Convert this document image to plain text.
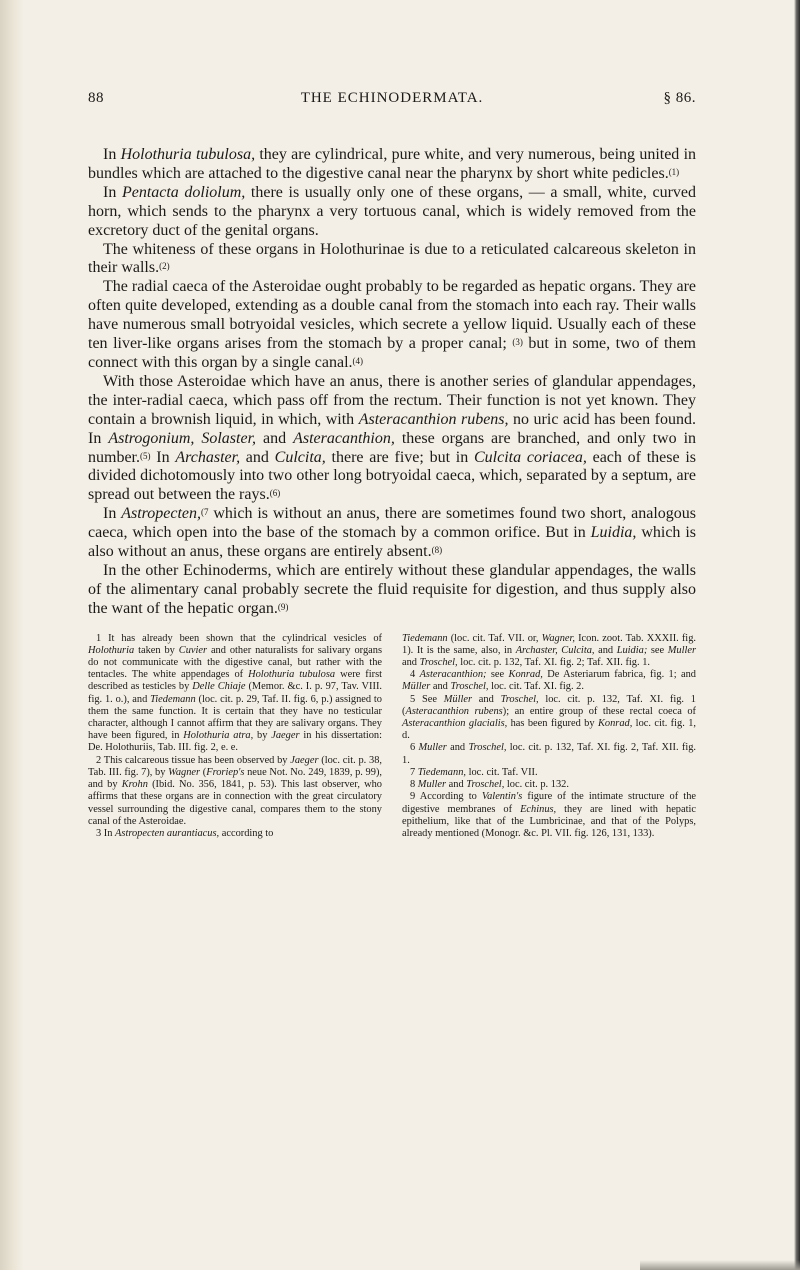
88	THE ECHINODERMATA.	§ 86.

In Holothuria tubulosa, they are cylindrical, pure white, and very numerous, being united in bundles which are attached to the digestive canal near the pharynx by short white pedicles.$^{(1)}$

In Pentacta doliolum, there is usually only one of these organs, — a small, white, curved horn, which sends to the pharynx a very tortuous canal, which is widely removed from the excretory duct of the genital organs.

The whiteness of these organs in Holothurinae is due to a reticulated calcareous skeleton in their walls.$^{(2)}$

The radial caeca of the Asteroidae ought probably to be regarded as hepatic organs. They are often quite developed, extending as a double canal from the stomach into each ray. Their walls have numerous small botryoidal vesicles, which secrete a yellow liquid. Usually each of these ten liver-like organs arises from the stomach by a proper canal; $^{(3)}$ but in some, two of them connect with this organ by a single canal.$^{(4)}$

With those Asteroidae which have an anus, there is another series of glandular appendages, the inter-radial caeca, which pass off from the rectum. Their function is not yet known. They contain a brownish liquid, in which, with Asteracanthion rubens, no uric acid has been found. In Astrogonium, Solaster, and Asteracanthion, these organs are branched, and only two in number.$^{(5)}$ In Archaster, and Culcita, there are five; but in Culcita coriacea, each of these is divided dichotomously into two other long botryoidal caeca, which, separated by a septum, are spread out between the rays.$^{(6)}$

In Astropecten,$^{(7}$ which is without an anus, there are sometimes found two short, analogous caeca, which open into the base of the stomach by a common orifice. But in Luidia, which is also without an anus, these organs are entirely absent.$^{(8)}$

In the other Echinoderms, which are entirely without these glandular appendages, the walls of the alimentary canal probably secrete the fluid requisite for digestion, and thus supply also the want of the hepatic organ.$^{(9)}$

1 It has already been shown that the cylindrical vesicles of Holothuria taken by Cuvier and other naturalists for salivary organs do not communicate with the digestive canal, but rather with the tentacles. The white appendages of Holothuria tubulosa were first described as testicles by Delle Chiaje (Memor. &c. I. p. 97, Tav. VIII. fig. 1. o.), and Tiedemann (loc. cit. p. 29, Taf. II. fig. 6, p.) assigned to them the same function. It is certain that they have no testicular character, although I cannot affirm that they are salivary organs. They have been figured, in Holothuria atra, by Jaeger in his dissertation: De. Holothuriis, Tab. III. fig. 2, e. e.

2 This calcareous tissue has been observed by Jaeger (loc. cit. p. 38, Tab. III. fig. 7), by Wagner (Froriep's neue Not. No. 249, 1839, p. 99), and by Krohn (Ibid. No. 356, 1841, p. 53). This last observer, who affirms that these organs are in connection with the great circulatory vessel surrounding the digestive canal, compares them to the stony canal of the Asteroidae.

3 In Astropecten aurantiacus, according to

Tiedemann (loc. cit. Taf. VII. or, Wagner, Icon. zoot. Tab. XXXII. fig. 1). It is the same, also, in Archaster, Culcita, and Luidia; see Muller and Troschel, loc. cit. p. 132, Taf. XI. fig. 2; Taf. XII. fig. 1.

4 Asteracanthion; see Konrad, De Asteriarum fabrica, fig. 1; and Müller and Troschel, loc. cit. Taf. XI. fig. 2.

5 See Müller and Troschel, loc. cit. p. 132, Taf. XI. fig. 1 (Asteracanthion rubens); an entire group of these rectal coeca of Asteracanthion glacialis, has been figured by Konrad, loc. cit. fig. 1, d.

6 Muller and Troschel, loc. cit. p. 132, Taf. XI. fig. 2, Taf. XII. fig. 1.

7 Tiedemann, loc. cit. Taf. VII.

8 Muller and Troschel, loc. cit. p. 132.

9 According to Valentin's figure of the intimate structure of the digestive membranes of Echinus, they are lined with hepatic epithelium, like that of the Lumbricinae, and that of the Polyps, already mentioned (Monogr. &c. Pl. VII. fig. 126, 131, 133).
